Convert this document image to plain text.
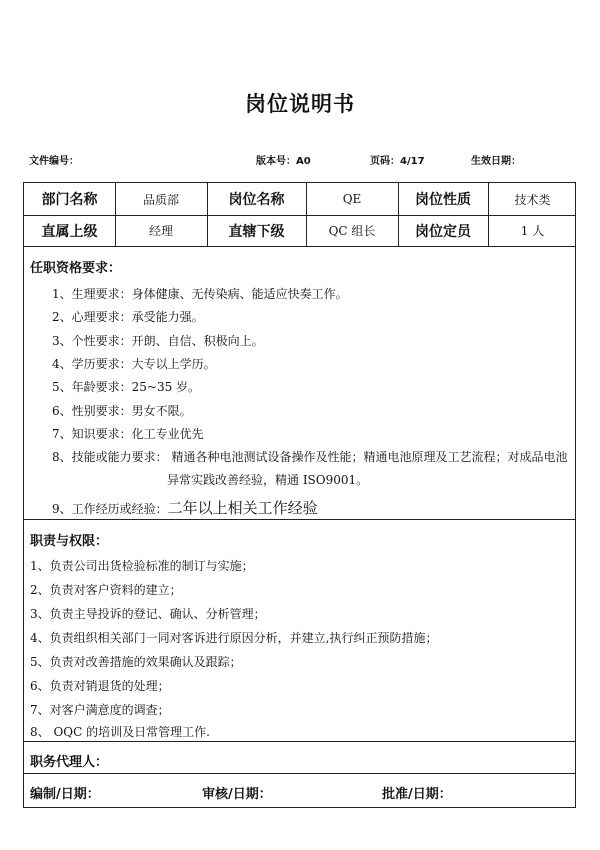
岗位说明书
文件编号：	版本号：A0	页码：4/17	生效日期：
部门名称	品质部	岗位名称	QE	岗位性质	技术类
直属上级	经理	直辖下级	QC 组长	岗位定员	1 人
任职资格要求：
1、生理要求：身体健康、无传染病、能适应快奏工作。
2、心理要求：承受能力强。
3、个性要求：开朗、自信、积极向上。
4、学历要求：大专以上学历。
5、年龄要求：25~35 岁。
6、性别要求：男女不限。
7、知识要求：化工专业优先
8、技能或能力要求： 精通各种电池测试设备操作及性能；精通电池原理及工艺流程；对成品电池
异常实践改善经验，精通 ISO9001。
9、工作经历或经验：二年以上相关工作经验
职责与权限：
1、负责公司出货检验标准的制订与实施；
2、负责对客户资料的建立；
3、负责主导投诉的登记、确认、分析管理；
4、负责组织相关部门一同对客诉进行原因分析，并建立,执行纠正预防措施；
5、负责对改善措施的效果确认及跟踪；
6、负责对销退货的处理；
7、对客户满意度的调查；
8、 OQC 的培训及日常管理工作.
职务代理人：
编制/日期：	审核/日期：	批准/日期：
